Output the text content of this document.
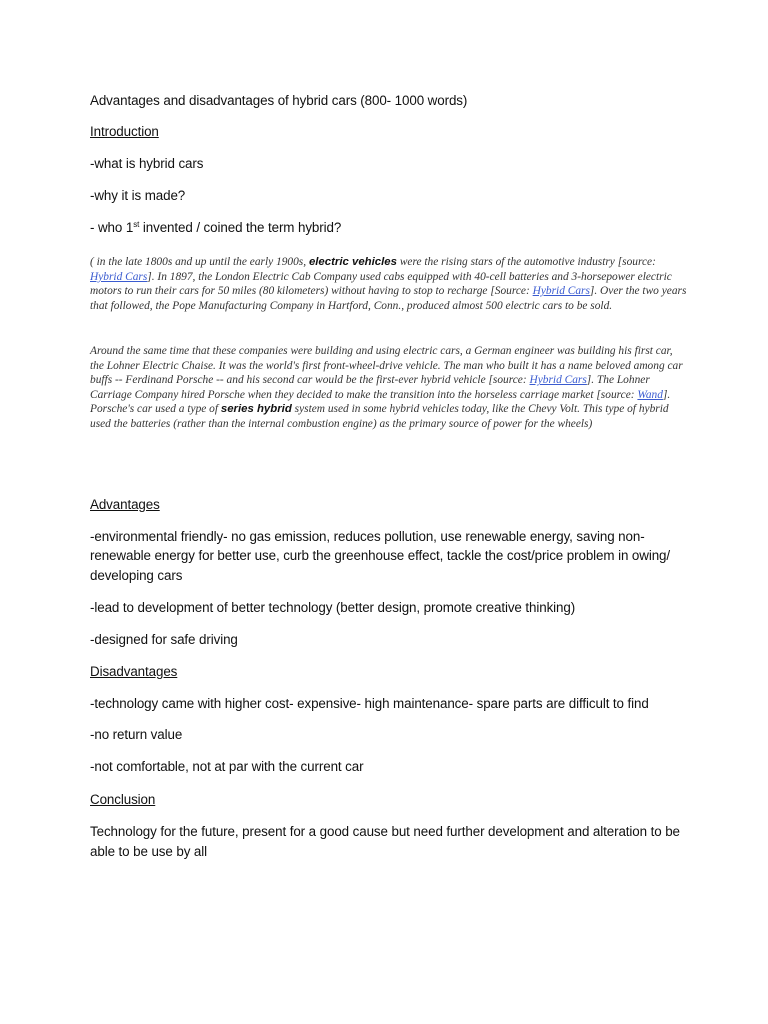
Advantages and disadvantages of hybrid cars (800- 1000 words)
Introduction
-what is hybrid cars
-why it is made?
- who 1st invented / coined the term hybrid?
( in the late 1800s and up until the early 1900s, electric vehicles were the rising stars of the automotive industry [source: Hybrid Cars]. In 1897, the London Electric Cab Company used cabs equipped with 40-cell batteries and 3-horsepower electric motors to run their cars for 50 miles (80 kilometers) without having to stop to recharge [Source: Hybrid Cars]. Over the two years that followed, the Pope Manufacturing Company in Hartford, Conn., produced almost 500 electric cars to be sold.
Around the same time that these companies were building and using electric cars, a German engineer was building his first car, the Lohner Electric Chaise. It was the world's first front-wheel-drive vehicle. The man who built it has a name beloved among car buffs -- Ferdinand Porsche -- and his second car would be the first-ever hybrid vehicle [source: Hybrid Cars]. The Lohner Carriage Company hired Porsche when they decided to make the transition into the horseless carriage market [source: Wand]. Porsche's car used a type of series hybrid system used in some hybrid vehicles today, like the Chevy Volt. This type of hybrid used the batteries (rather than the internal combustion engine) as the primary source of power for the wheels)
Advantages
-environmental friendly- no gas emission, reduces pollution, use renewable energy, saving non-
renewable energy for better use, curb the greenhouse effect, tackle the cost/price problem in owing/
developing cars
-lead to development of better technology (better design, promote creative thinking)
-designed for safe driving
Disadvantages
-technology came with higher cost- expensive- high maintenance- spare parts are difficult to find
-no return value
-not comfortable, not at par with the current car
Conclusion
Technology for the future, present for a good cause but need further development and alteration to be
able to be use by all
